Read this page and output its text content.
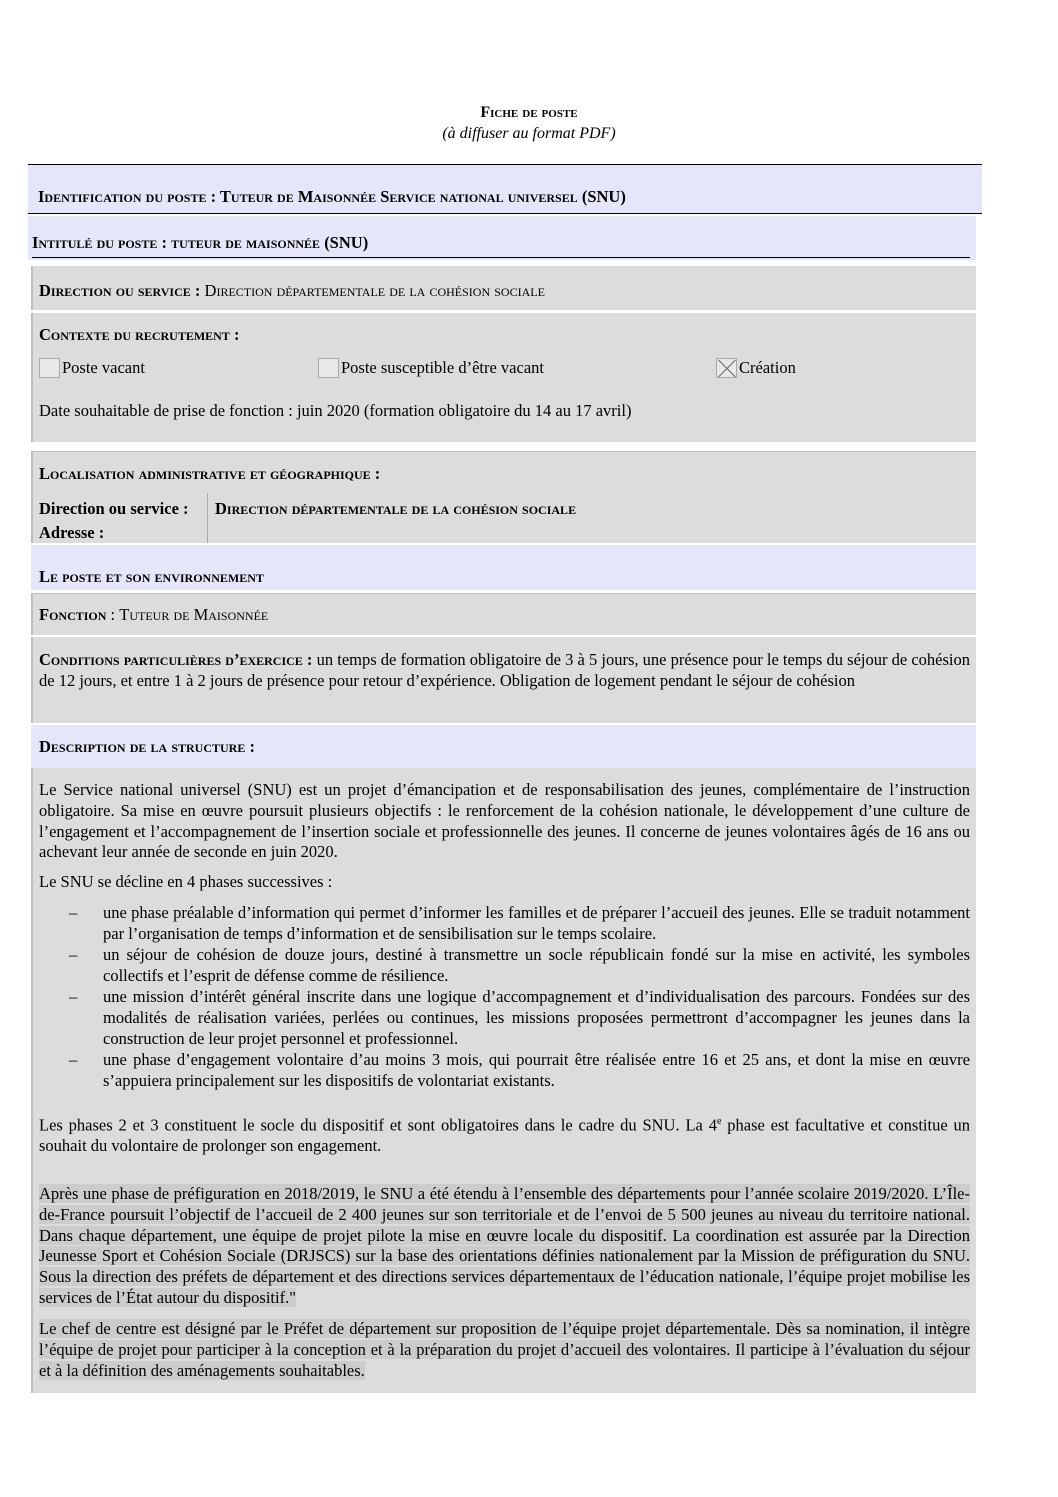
Fiche de poste
(à diffuser au format PDF)
Identification du poste : Tuteur de Maisonnée Service national universel (SNU)
Intitulé du poste : tuteur de maisonnée (SNU)
Direction ou service : Direction départementale de la cohésion sociale
Contexte du recrutement :
Poste vacant	Poste susceptible d’être vacant	Création
Date souhaitable de prise de fonction : juin 2020 (formation obligatoire du 14 au 17 avril)
Localisation administrative et géographique :
Direction ou service :
Adresse :
Direction départementale de la cohésion sociale
Le poste et son environnement
Fonction : Tuteur de Maisonnée
Conditions particulières d’exercice : un temps de formation obligatoire de 3 à 5 jours, une présence pour le temps du séjour de cohésion de 12 jours, et entre 1 à 2 jours de présence pour retour d’expérience. Obligation de logement pendant le séjour de cohésion
Description de la structure :
Le Service national universel (SNU) est un projet d’émancipation et de responsabilisation des jeunes, complémentaire de l’instruction obligatoire. Sa mise en œuvre poursuit plusieurs objectifs : le renforcement de la cohésion nationale, le développement d’une culture de l’engagement et l’accompagnement de l’insertion sociale et professionnelle des jeunes. Il concerne de jeunes volontaires âgés de 16 ans ou achevant leur année de seconde en juin 2020.
Le SNU se décline en 4 phases successives :
– une phase préalable d’information qui permet d’informer les familles et de préparer l’accueil des jeunes. Elle se traduit notamment par l’organisation de temps d’information et de sensibilisation sur le temps scolaire.
– un séjour de cohésion de douze jours, destiné à transmettre un socle républicain fondé sur la mise en activité, les symboles collectifs et l’esprit de défense comme de résilience.
– une mission d’intérêt général inscrite dans une logique d’accompagnement et d’individualisation des parcours. Fondées sur des modalités de réalisation variées, perlées ou continues, les missions proposées permettront d’accompagner les jeunes dans la construction de leur projet personnel et professionnel.
– une phase d’engagement volontaire d’au moins 3 mois, qui pourrait être réalisée entre 16 et 25 ans, et dont la mise en œuvre s’appuiera principalement sur les dispositifs de volontariat existants.
Les phases 2 et 3 constituent le socle du dispositif et sont obligatoires dans le cadre du SNU. La 4e phase est facultative et constitue un souhait du volontaire de prolonger son engagement.
Après une phase de préfiguration en 2018/2019, le SNU a été étendu à l’ensemble des départements pour l’année scolaire 2019/2020. L’Île-de-France poursuit l’objectif de l’accueil de 2 400 jeunes sur son territoriale et de l’envoi de 5 500 jeunes au niveau du territoire national. Dans chaque département, une équipe de projet pilote la mise en œuvre locale du dispositif. La coordination est assurée par la Direction Jeunesse Sport et Cohésion Sociale (DRJSCS) sur la base des orientations définies nationalement par la Mission de préfiguration du SNU. Sous la direction des préfets de département et des directions services départementaux de l’éducation nationale, l’équipe projet mobilise les services de l’État autour du dispositif."
Le chef de centre est désigné par le Préfet de département sur proposition de l’équipe projet départementale. Dès sa nomination, il intègre l’équipe de projet pour participer à la conception et à la préparation du projet d’accueil des volontaires. Il participe à l’évaluation du séjour et à la définition des aménagements souhaitables.
